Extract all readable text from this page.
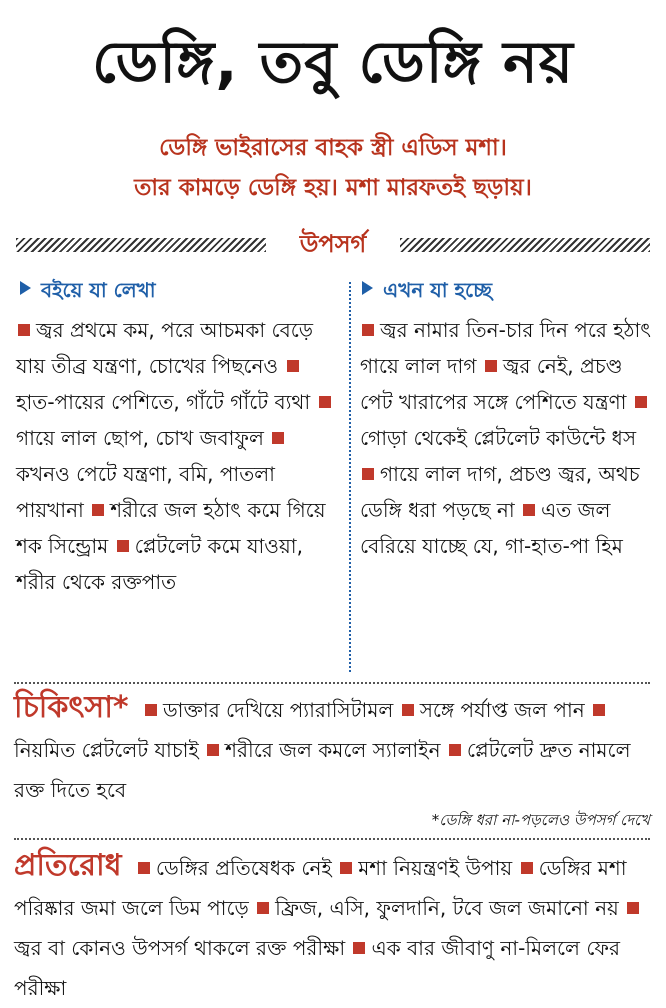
ডেঙ্গি, তবু ডেঙ্গি নয়
ডেঙ্গি ভাইরাসের বাহক স্ত্রী এডিস মশা।
তার কামড়ে ডেঙ্গি হয়। মশা মারফতই ছড়ায়।
উপসর্গ
বইয়ে যা লেখা	এখন যা হচ্ছে
জ্বর প্রথমে কম, পরে আচমকা বেড়ে যায় তীব্র যন্ত্রণা, চোখের পিছনেও হাত-পায়ের পেশিতে, গাঁটে গাঁটে ব্যথা গায়ে লাল ছোপ, চোখ জবাফুল কখনও পেটে যন্ত্রণা, বমি, পাতলা পায়খানা শরীরে জল হঠাৎ কমে গিয়ে শক সিন্ড্রোম প্লেটলেট কমে যাওয়া, শরীর থেকে রক্তপাত
জ্বর নামার তিন-চার দিন পরে হঠাৎ গায়ে লাল দাগ জ্বর নেই, প্রচণ্ড পেট খারাপের সঙ্গে পেশিতে যন্ত্রণা গোড়া থেকেই প্লেটলেট কাউন্টে ধস গায়ে লাল দাগ, প্রচণ্ড জ্বর, অথচ ডেঙ্গি ধরা পড়ছে না এত জল বেরিয়ে যাচ্ছে যে, গা-হাত-পা হিম
চিকিৎসা* ডাক্তার দেখিয়ে প্যারাসিটামল সঙ্গে পর্যাপ্ত জল পান নিয়মিত প্লেটলেট যাচাই শরীরে জল কমলে স্যালাইন প্লেটলেট দ্রুত নামলে রক্ত দিতে হবে
*ডেঙ্গি ধরা না-পড়লেও উপসর্গ দেখে
প্রতিরোধ ডেঙ্গির প্রতিষেধক নেই মশা নিয়ন্ত্রণই উপায় ডেঙ্গির মশা পরিষ্কার জমা জলে ডিম পাড়ে ফ্রিজ, এসি, ফুলদানি, টবে জল জমানো নয় জ্বর বা কোনও উপসর্গ থাকলে রক্ত পরীক্ষা এক বার জীবাণু না-মিললে ফের পরীক্ষা
